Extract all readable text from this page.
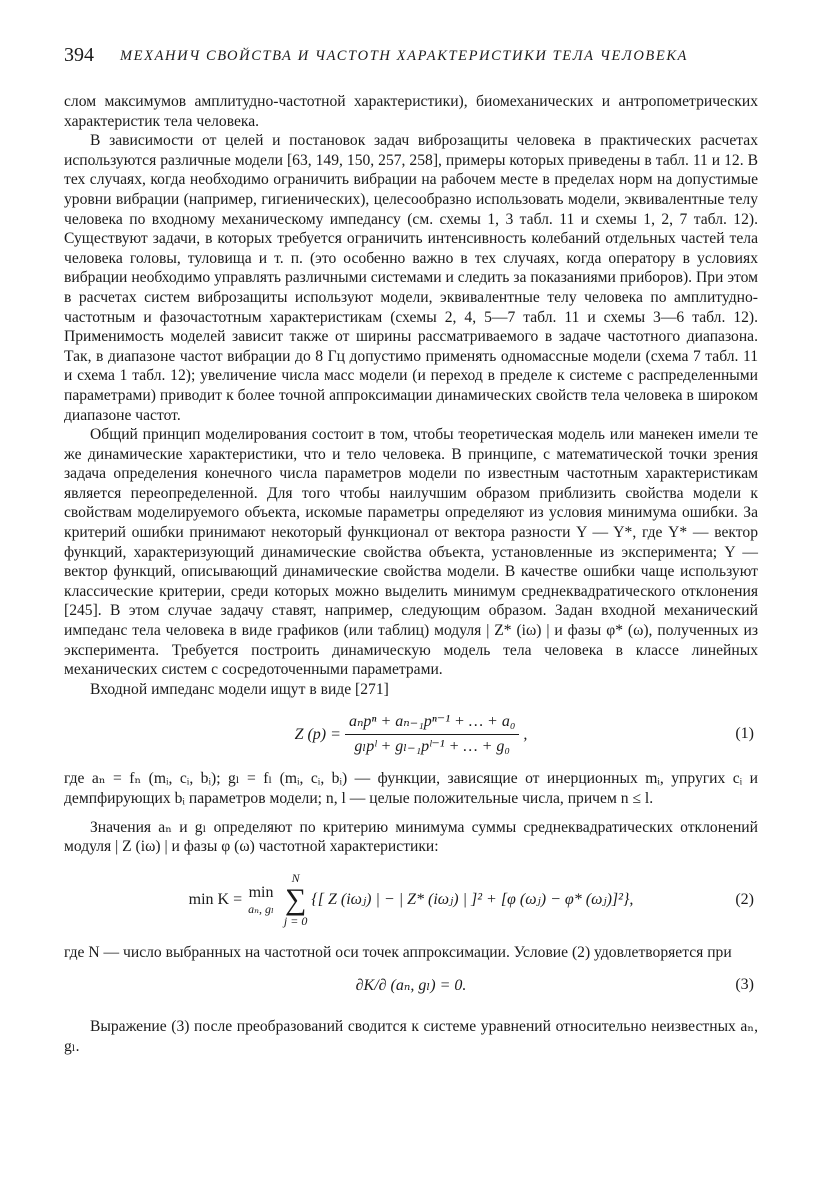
394 МЕХАНИЧ СВОЙСТВА И ЧАСТОТН ХАРАКТЕРИСТИКИ ТЕЛА ЧЕЛОВЕКА

слом максимумов амплитудно-частотной характеристики), биомеханических и антропометрических характеристик тела человека.

В зависимости от целей и постановок задач виброзащиты человека в практических расчетах используются различные модели [63, 149, 150, 257, 258], примеры которых приведены в табл. 11 и 12. В тех случаях, когда необходимо ограничить вибрации на рабочем месте в пределах норм на допустимые уровни вибрации (например, гигиенических), целесообразно использовать модели, эквивалентные телу человека по входному механическому импедансу (см. схемы 1, 3 табл. 11 и схемы 1, 2, 7 табл. 12). Существуют задачи, в которых требуется ограничить интенсивность колебаний отдельных частей тела человека головы, туловища и т. п. (это особенно важно в тех случаях, когда оператору в условиях вибрации необходимо управлять различными системами и следить за показаниями приборов). При этом в расчетах систем виброзащиты используют модели, эквивалентные телу человека по амплитудно-частотным и фазочастотным характеристикам (схемы 2, 4, 5—7 табл. 11 и схемы 3—6 табл. 12). Применимость моделей зависит также от ширины рассматриваемого в задаче частотного диапазона. Так, в диапазоне частот вибрации до 8 Гц допустимо применять одномассные модели (схема 7 табл. 11 и схема 1 табл. 12); увеличение числа масс модели (и переход в пределе к системе с распределенными параметрами) приводит к более точной аппроксимации динамических свойств тела человека в широком диапазоне частот.

Общий принцип моделирования состоит в том, чтобы теоретическая модель или манекен имели те же динамические характеристики, что и тело человека. В принципе, с математической точки зрения задача определения конечного числа параметров модели по известным частотным характеристикам является переопределенной. Для того чтобы наилучшим образом приблизить свойства модели к свойствам моделируемого объекта, искомые параметры определяют из условия минимума ошибки. За критерий ошибки принимают некоторый функционал от вектора разности Y — Y*, где Y* — вектор функций, характеризующий динамические свойства объекта, установленные из эксперимента; Y — вектор функций, описывающий динамические свойства модели. В качестве ошибки чаще используют классические критерии, среди которых можно выделить минимум среднеквадратического отклонения [245]. В этом случае задачу ставят, например, следующим образом. Задан входной механический импеданс тела человека в виде графиков (или таблиц) модуля | Z* (iω) | и фазы φ* (ω), полученных из эксперимента. Требуется построить динамическую модель тела человека в классе линейных механических систем с сосредоточенными параметрами.

Входной импеданс модели ищут в виде [271]

Z $(p) = \frac{\text{aₙpⁿ + aₙ₋₁pⁿ⁻¹ + … + a₀}}{\text{gₗpˡ + gₗ₋₁pˡ⁻¹ + … + g₀}}$ ,	(1)

где aₙ = fₙ (mᵢ, cᵢ, bᵢ); gₗ = fₗ (mᵢ, cᵢ, bᵢ) — функции, зависящие от инерционных mᵢ, упругих cᵢ и демпфирующих bᵢ параметров модели; n, l — целые положительные числа, причем n ≤ l.

Значения aₙ и gₗ определяют по критерию минимума суммы среднеквадратических отклонений модуля | Z (iω) | и фазы φ (ω) частотной характеристики:

min K = min
aₙ, gₗ
N
∑
j = 0
{[ Z (iωⱼ) | − | Z* (iωⱼ) | ]² + [φ (ωⱼ) − φ* (ωⱼ)]²},	(2)

где N — число выбранных на частотной оси точек аппроксимации. Условие (2) удовлетворяется при

∂K/∂ (aₙ, gₗ) = 0.	(3)

Выражение (3) после преобразований сводится к системе уравнений относительно неизвестных aₙ, gₗ.
